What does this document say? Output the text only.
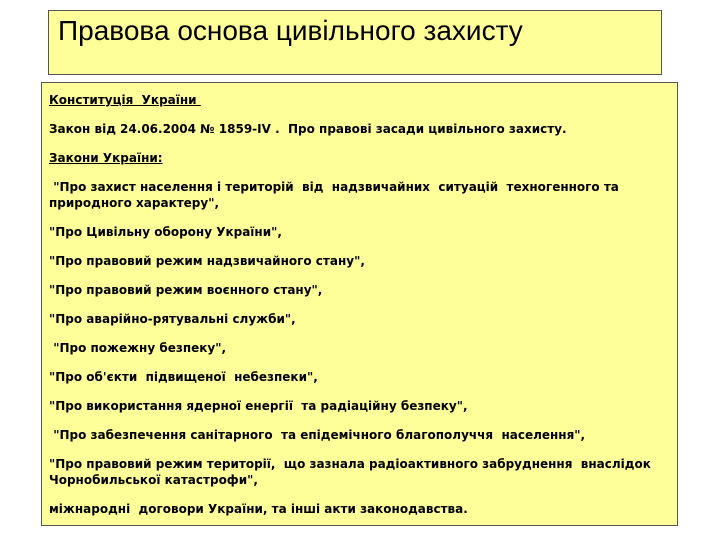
Правова основа цивільного захисту
Конституція  України
Закон від 24.06.2004 № 1859-IV .  Про правові засади цивільного захисту.
Закони України:
"Про захист населення і територій  від  надзвичайних  ситуацій  техногенного та природного характеру",
"Про Цивільну оборону України",
"Про правовий режим надзвичайного стану",
"Про правовий режим воєнного стану",
"Про аварійно-рятувальні служби",
"Про пожежну безпеку",
"Про об'єкти  підвищеної  небезпеки",
"Про використання ядерної енергії  та радіаційну безпеку",
"Про забезпечення санітарного  та епідемічного благополуччя  населення",
"Про правовий режим території,  що зазнала радіоактивного забруднення  внаслідок Чорнобильської катастрофи",
міжнародні  договори України, та інші акти законодавства.
